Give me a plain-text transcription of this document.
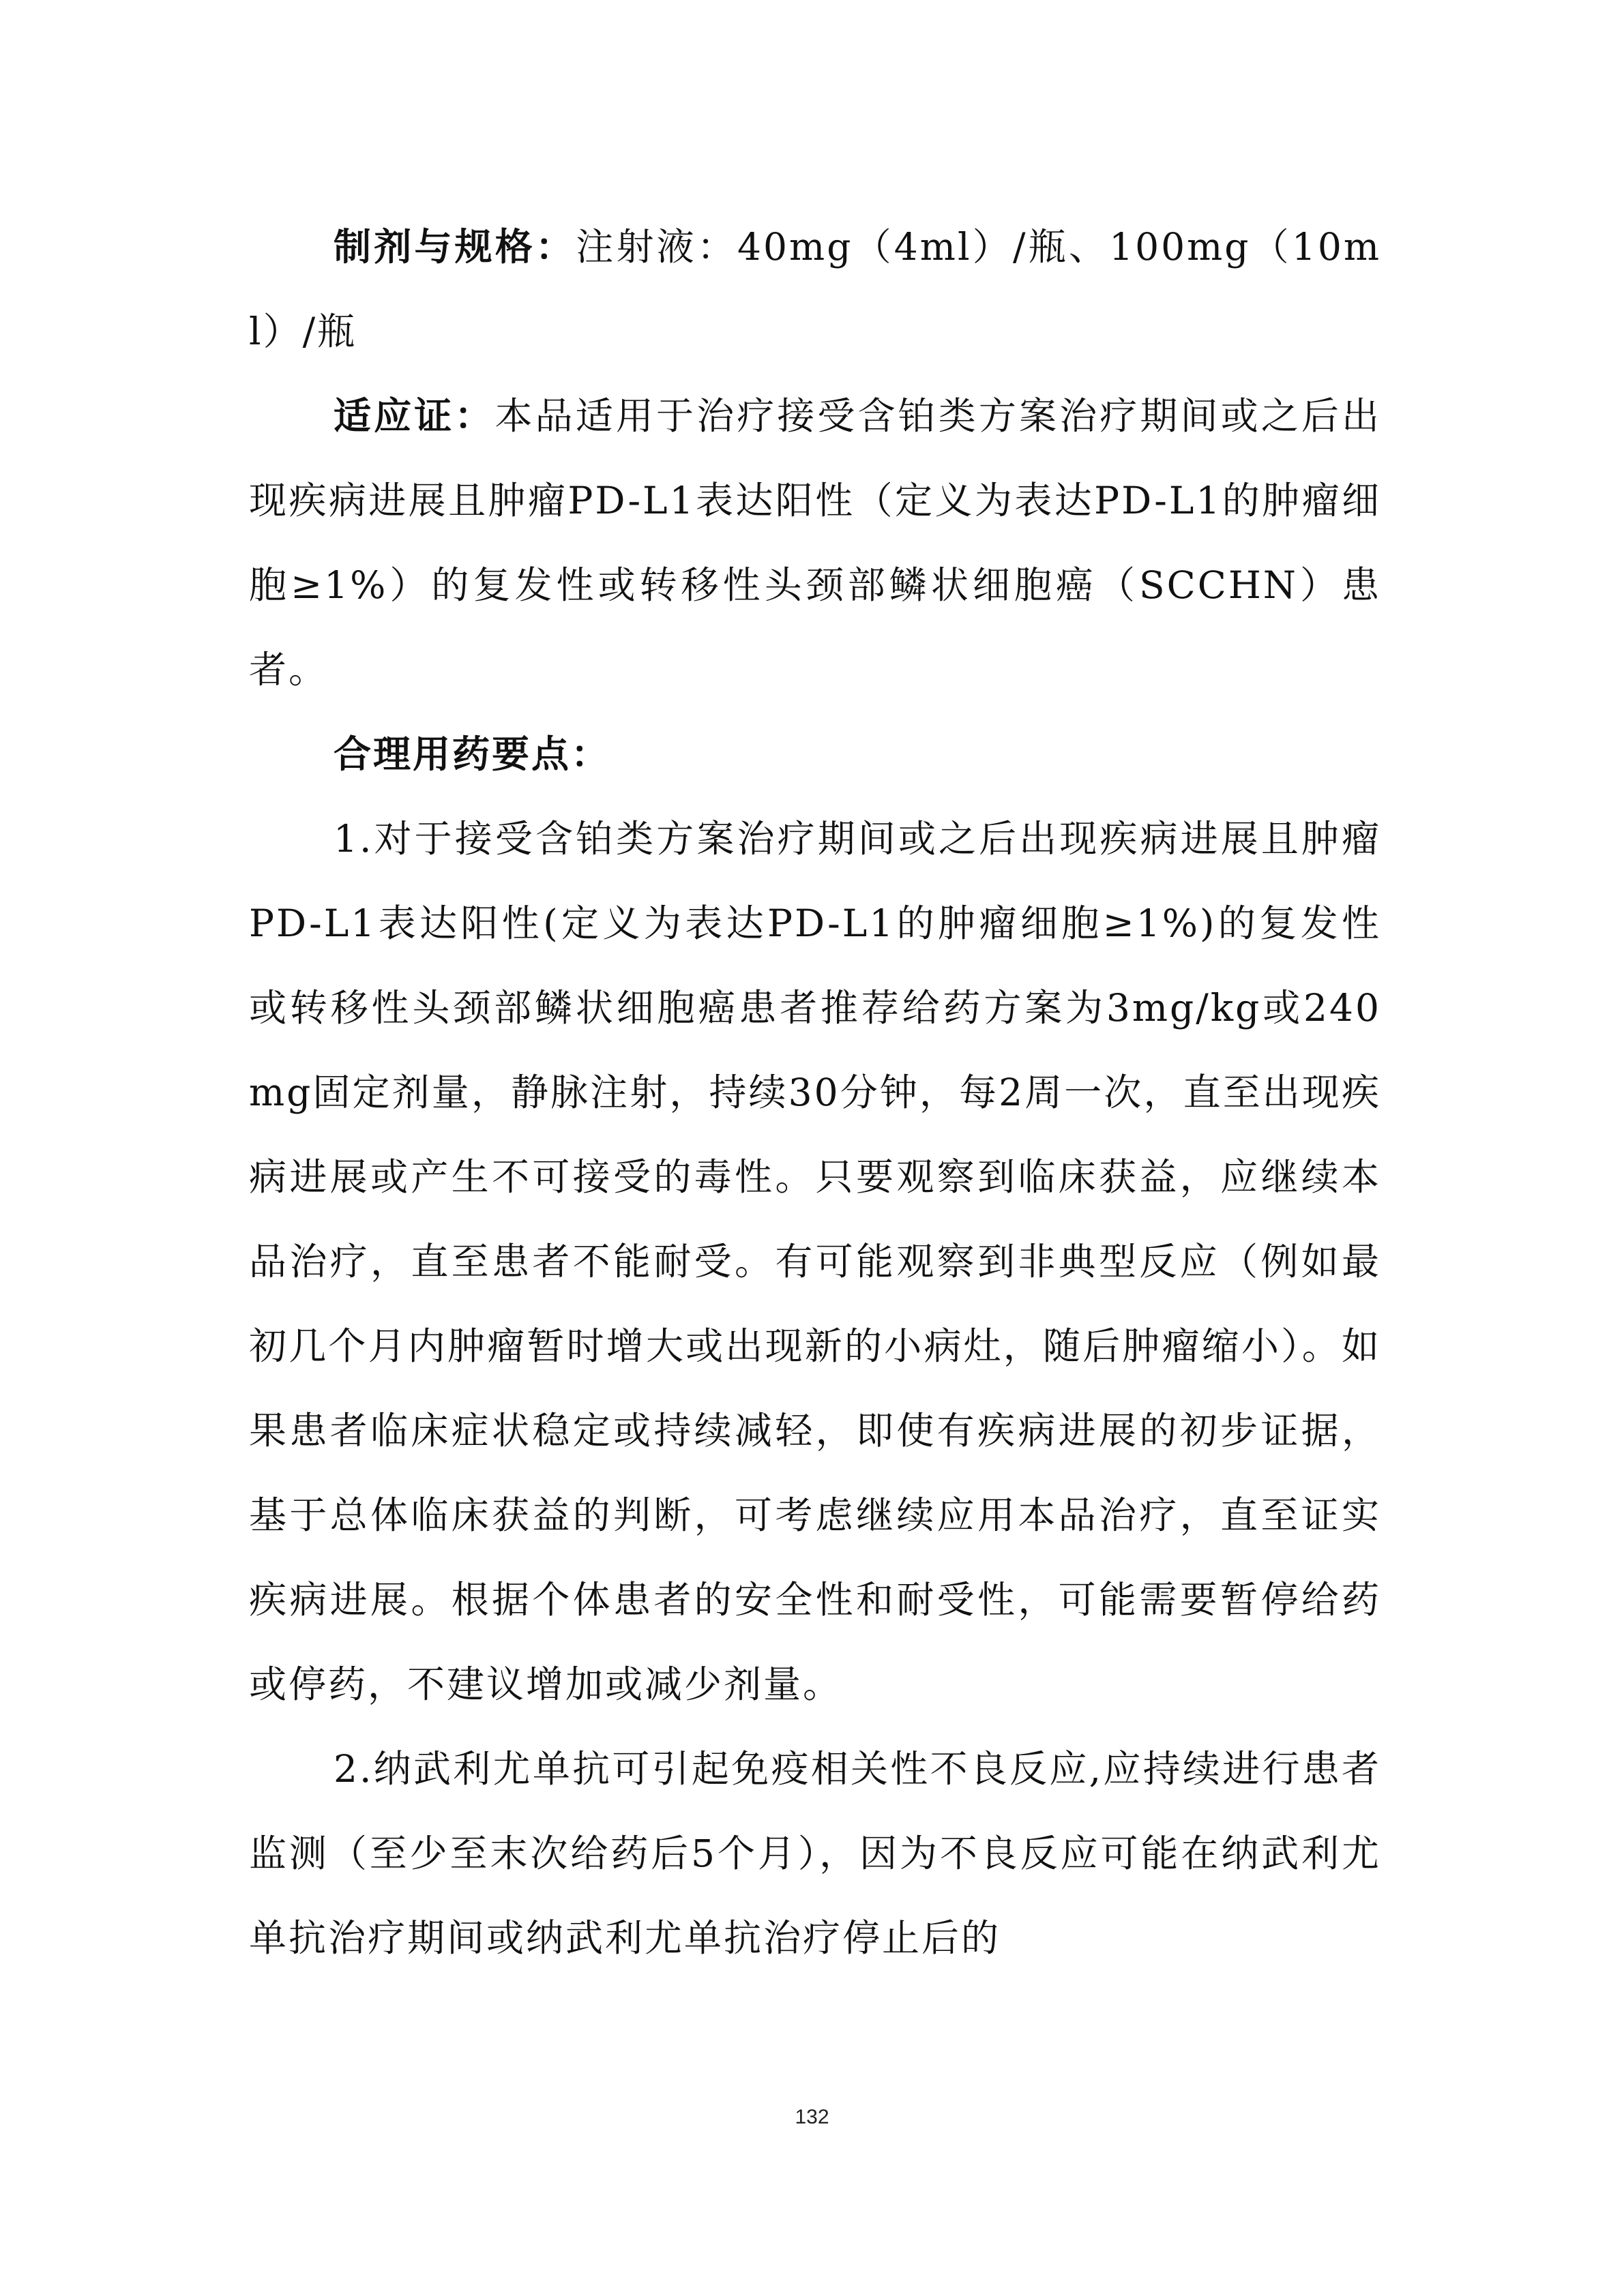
制剂与规格：注射液：40mg（4ml）/瓶、100mg（10ml）/瓶

适应证：本品适用于治疗接受含铂类方案治疗期间或之后出现疾病进展且肿瘤PD-L1表达阳性（定义为表达PD-L1的肿瘤细胞≥1%）的复发性或转移性头颈部鳞状细胞癌（SCCHN）患者。

合理用药要点：

1.对于接受含铂类方案治疗期间或之后出现疾病进展且肿瘤PD-L1表达阳性(定义为表达PD-L1的肿瘤细胞≥1%)的复发性或转移性头颈部鳞状细胞癌患者推荐给药方案为3mg/kg或240mg固定剂量，静脉注射，持续30分钟，每2周一次，直至出现疾病进展或产生不可接受的毒性。只要观察到临床获益，应继续本品治疗，直至患者不能耐受。有可能观察到非典型反应（例如最初几个月内肿瘤暂时增大或出现新的小病灶，随后肿瘤缩小）。如果患者临床症状稳定或持续减轻，即使有疾病进展的初步证据，基于总体临床获益的判断，可考虑继续应用本品治疗，直至证实疾病进展。根据个体患者的安全性和耐受性，可能需要暂停给药或停药，不建议增加或减少剂量。

2.纳武利尤单抗可引起免疫相关性不良反应,应持续进行患者监测（至少至末次给药后5个月），因为不良反应可能在纳武利尤单抗治疗期间或纳武利尤单抗治疗停止后的

132
